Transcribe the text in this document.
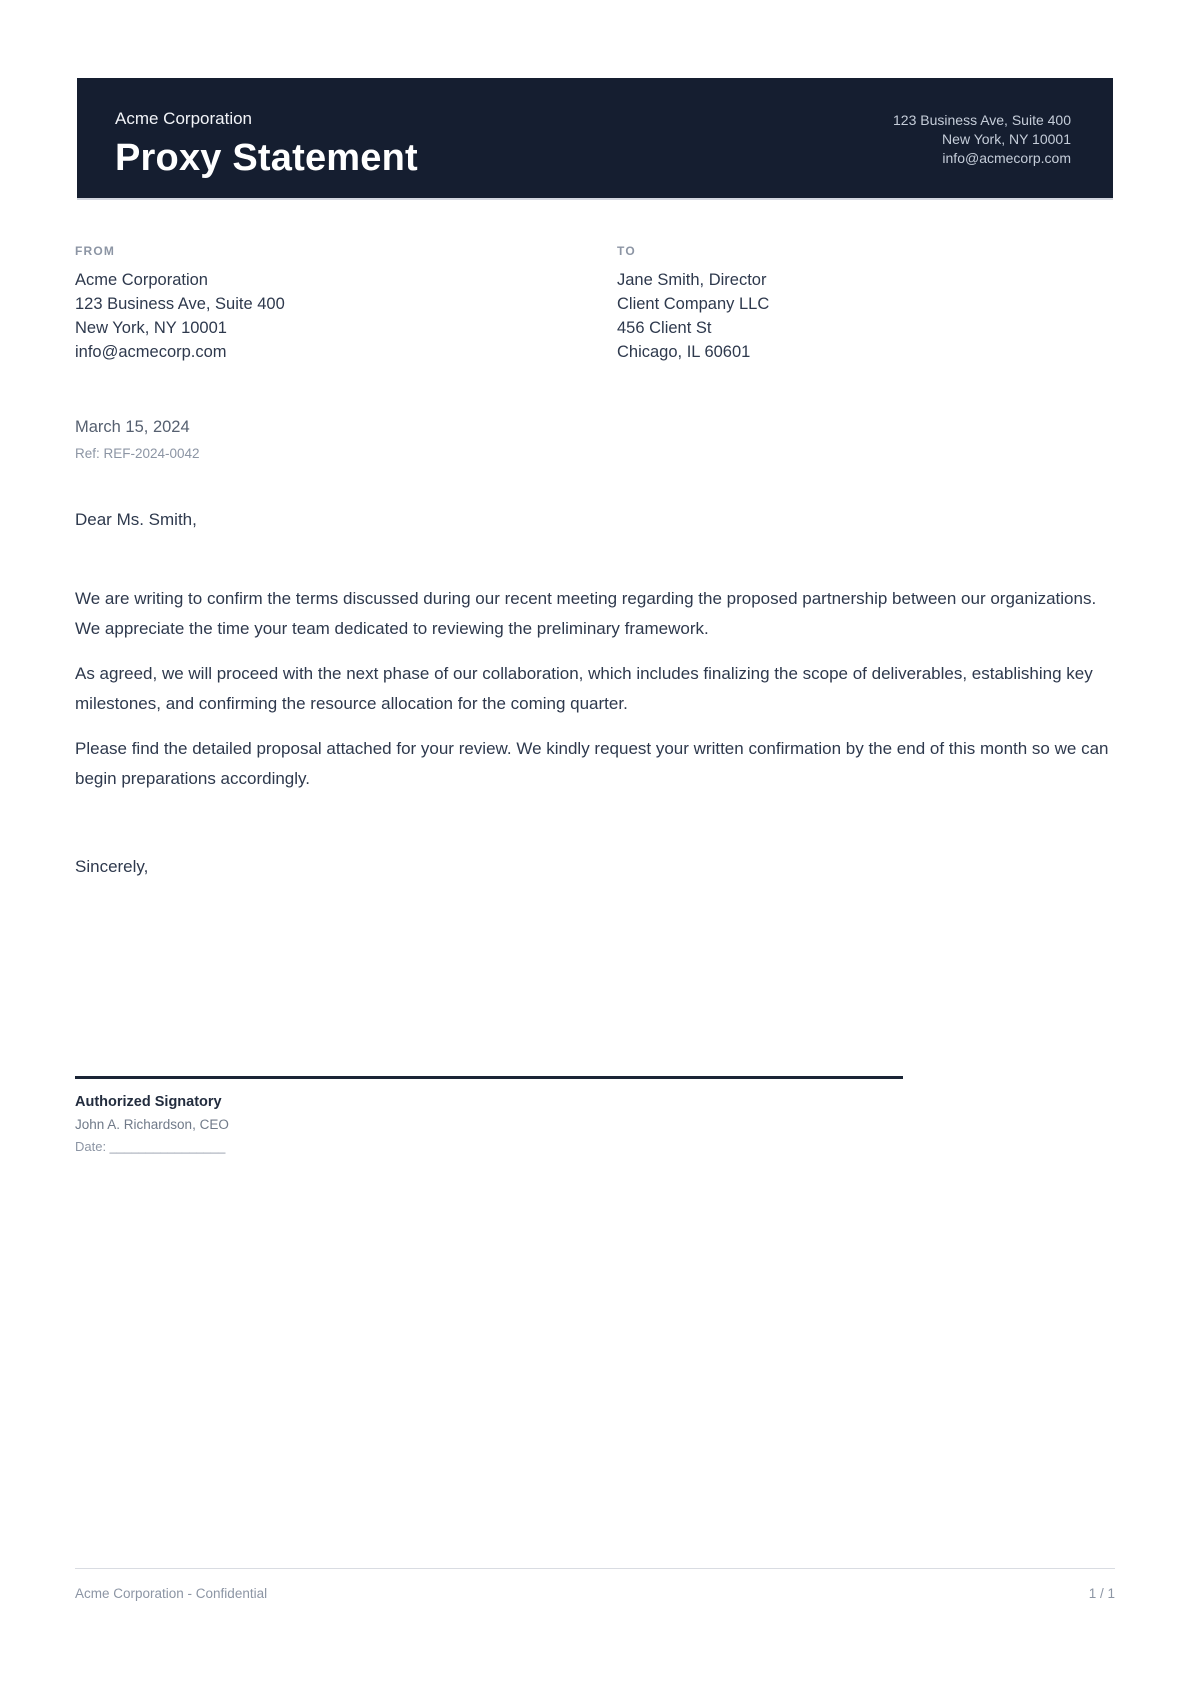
Acme Corporation
Proxy Statement
123 Business Ave, Suite 400
New York, NY 10001
info@acmecorp.com
FROM
Acme Corporation
123 Business Ave, Suite 400
New York, NY 10001
info@acmecorp.com
TO
Jane Smith, Director
Client Company LLC
456 Client St
Chicago, IL 60601
March 15, 2024
Ref: REF-2024-0042
Dear Ms. Smith,

We are writing to confirm the terms discussed during our recent meeting regarding the proposed partnership between our organizations. We appreciate the time your team dedicated to reviewing the preliminary framework.

As agreed, we will proceed with the next phase of our collaboration, which includes finalizing the scope of deliverables, establishing key milestones, and confirming the resource allocation for the coming quarter.

Please find the detailed proposal attached for your review. We kindly request your written confirmation by the end of this month so we can begin preparations accordingly.

Sincerely,
Authorized Signatory
John A. Richardson, CEO
Date: ________________
Acme Corporation - Confidential	1 / 1
